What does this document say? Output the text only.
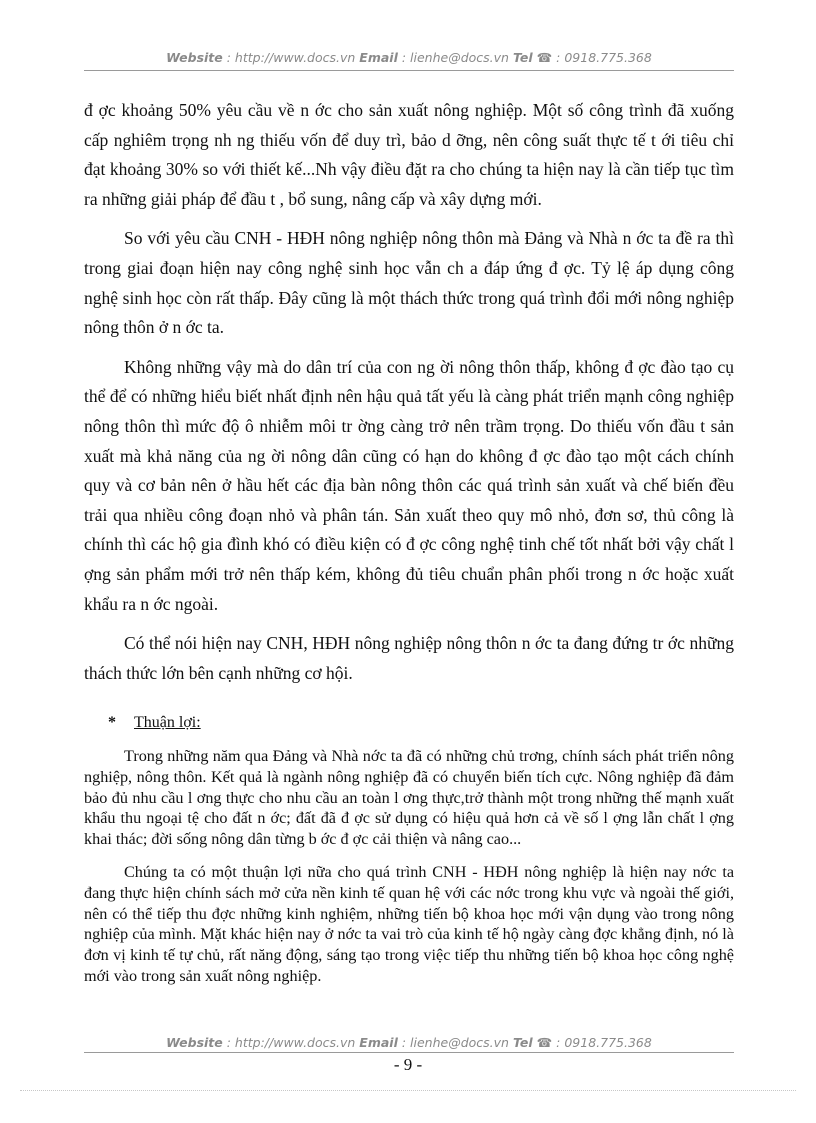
Website : http://www.docs.vn Email : lienhe@docs.vn Tel ☎ : 0918.775.368

đ ợc khoảng 50% yêu cầu về n ớc cho sản xuất nông nghiệp. Một số công trình đã xuống cấp nghiêm trọng nh ng thiếu vốn để duy trì, bảo d ỡng, nên công suất thực tế t ới tiêu chỉ đạt khoảng 30% so với thiết kế...Nh vậy điều đặt ra cho chúng ta hiện nay là cần tiếp tục tìm ra những giải pháp để đầu t , bổ sung, nâng cấp và xây dựng mới.

So với yêu cầu CNH - HĐH nông nghiệp nông thôn mà Đảng và Nhà n ớc ta đề ra thì trong giai đoạn hiện nay công nghệ sinh học vẫn ch a đáp ứng đ ợc. Tỷ lệ áp dụng công nghệ sinh học còn rất thấp. Đây cũng là một thách thức trong quá trình đổi mới nông nghiệp nông thôn ở n ớc ta.

Không những vậy mà do dân trí của con ng ời nông thôn thấp, không đ ợc đào tạo cụ thể để có những hiểu biết nhất định nên hậu quả tất yếu là càng phát triển mạnh công nghiệp nông thôn thì mức độ ô nhiễm môi tr ờng càng trở nên trầm trọng. Do thiếu vốn đầu t sản xuất mà khả năng của ng ời nông dân cũng có hạn do không đ ợc đào tạo một cách chính quy và cơ bản nên ở hầu hết các địa bàn nông thôn các quá trình sản xuất và chế biến đều trải qua nhiều công đoạn nhỏ và phân tán. Sản xuất theo quy mô nhỏ, đơn sơ, thủ công là chính thì các hộ gia đình khó có điều kiện có đ ợc công nghệ tinh chế tốt nhất bởi vậy chất l ợng sản phẩm mới trở nên thấp kém, không đủ tiêu chuẩn phân phối trong n ớc hoặc xuất khẩu ra n ớc ngoài.

Có thể nói hiện nay CNH, HĐH nông nghiệp nông thôn n ớc ta đang đứng tr ớc những thách thức lớn bên cạnh những cơ hội.

* Thuận lợi:

Trong những năm qua Đảng và Nhà nớc ta đã có những chủ trơng, chính sách phát triển nông nghiệp, nông thôn. Kết quả là ngành nông nghiệp đã có chuyển biến tích cực. Nông nghiệp đã đảm bảo đủ nhu cầu l ơng thực cho nhu cầu an toàn l ơng thực,trở thành một trong những thế mạnh xuất khẩu thu ngoại tệ cho đất n ớc; đất đã đ ợc sử dụng có hiệu quả hơn cả về số l ợng lẫn chất l ợng khai thác; đời sống nông dân từng b ớc đ ợc cải thiện và nâng cao...

Chúng ta có một thuận lợi nữa cho quá trình CNH - HĐH nông nghiệp là hiện nay nớc ta đang thực hiện chính sách mở cửa nền kinh tế quan hệ với các nớc trong khu vực và ngoài thế giới, nên có thể tiếp thu đợc những kinh nghiệm, những tiến bộ khoa học mới vận dụng vào trong nông nghiệp của mình. Mặt khác hiện nay ở nớc ta vai trò của kinh tế hộ ngày càng đợc khẳng định, nó là đơn vị kinh tế tự chủ, rất năng động, sáng tạo trong việc tiếp thu những tiến bộ khoa học công nghệ mới vào trong sản xuất nông nghiệp.

Website : http://www.docs.vn Email : lienhe@docs.vn Tel ☎ : 0918.775.368
- 9 -
